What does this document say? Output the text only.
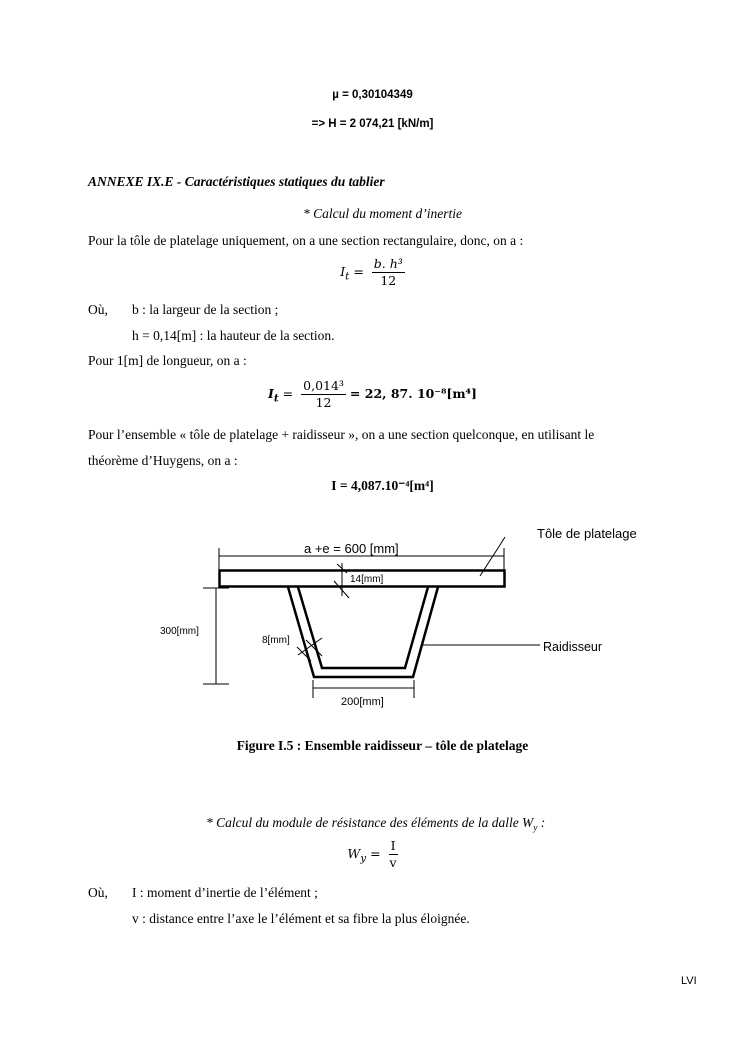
µ = 0,30104349
=> H = 2 074,21 [kN/m]
ANNEXE IX.E - Caractéristiques statiques du tablier
* Calcul du moment d’inertie
Pour la tôle de platelage uniquement, on a une section rectangulaire, donc, on a :
$I_t = \frac{\text{b. h³}}{12}$
Où, b : la largeur de la section ;
h = 0,14[m] : la hauteur de la section.
Pour 1[m] de longueur, on a :
$I_t = \frac{\text{0,014³}}{12} = 22$, 87. 10⁻⁸[m⁴]
Pour l’ensemble « tôle de platelage + raidisseur », on a une section quelconque, en utilisant le
théorème d’Huygens, on a :
I = 4,087.10⁻⁴[m⁴]
Tôle de platelage
a +e = 600 [mm]
14[mm]
300[mm]
8[mm]	Raidisseur
200[mm]
Figure I.5 : Ensemble raidisseur – tôle de platelage
* Calcul du module de résistance des éléments de la dalle $W_y$ :
$W_y = \frac{I}{v}$
Où, I : moment d’inertie de l’élément ;
v : distance entre l’axe le l’élément et sa fibre la plus éloignée.
LVI
